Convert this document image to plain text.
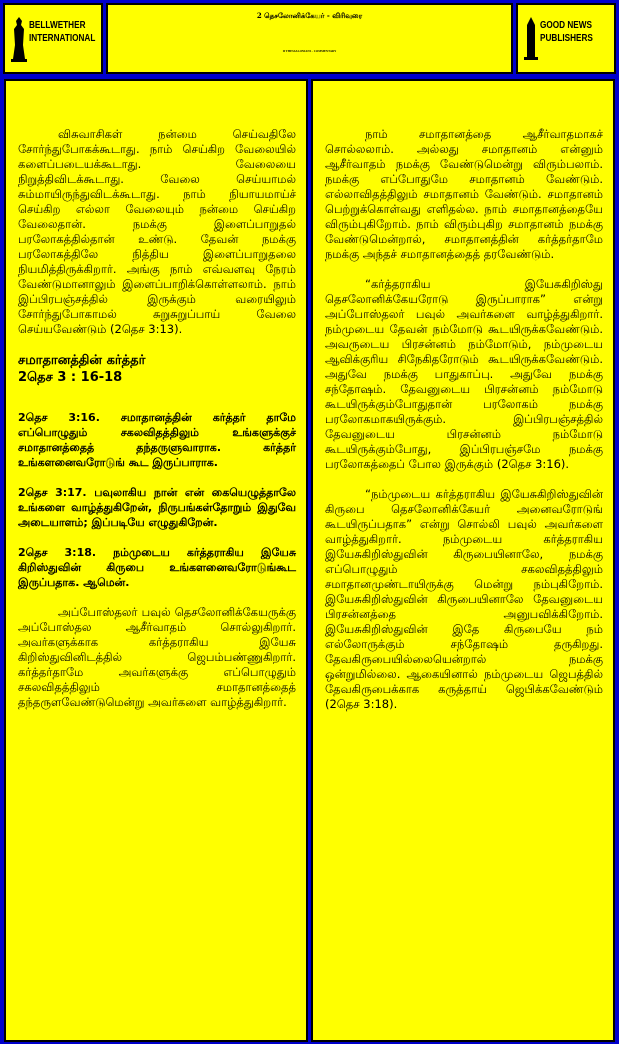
BELLWETHER
INTERNATIONAL
2 தெசலோனிக்கேயர் - விரிவுரை
II THESSALONIANS - COMMENTARY
GOOD NEWS
PUBLISHERS

விசுவாசிகள் நன்மை செய்வதிலே சோர்ந்துபோகக்கூடாது. நாம் செய்கிற வேலையில் களைப்படையக்கூடாது. வேலையை நிறுத்திவிடக்கூடாது. வேலை செய்யாமல் சும்மாயிருந்துவிடக்கூடாது. நாம் நியாயமாய்ச் செய்கிற எல்லா வேலையும் நன்மை செய்கிற வேலைதான். நமக்கு இளைப்பாறுதல் பரலோகத்தில்தான் உண்டு. தேவன் நமக்கு பரலோகத்திலே நித்திய இளைப்பாறுதலை நியமித்திருக்கிறார். அங்கு நாம் எவ்வளவு நேரம் வேண்டுமானாலும் இளைப்பாறிக்கொள்ளலாம். நாம் இப்பிரபஞ்சத்தில் இருக்கும் வரையிலும் சோர்ந்துபோகாமல் சுறுசுறுப்பாய் வேலை செய்யவேண்டும் (2தெச 3:13).

சமாதானத்தின் கர்த்தர்
2தெச 3 : 16-18

2தெச 3:16. சமாதானத்தின் கர்த்தர் தாமே எப்பொழுதும் சகலவிதத்திலும் உங்களுக்குச் சமாதானத்தைத் தந்தருளுவாராக. கர்த்தர் உங்களனைவரோடுங் கூட இருப்பாராக.

2தெச 3:17. பவுலாகிய நான் என் கையெழுத்தாலே உங்களை வாழ்த்துகிறேன், நிருபங்கள்தோறும் இதுவே அடையாளம்; இப்படியே எழுதுகிறேன்.

2தெச 3:18. நம்முடைய கர்த்தராகிய இயேசு கிறிஸ்துவின் கிருபை உங்களனைவரோடுங்கூட இருப்பதாக. ஆமென்.

அப்போஸ்தலர் பவுல் தெசலோனிக்கேயருக்கு அப்போஸ்தல ஆசீர்வாதம் சொல்லுகிறார். அவர்களுக்காக கர்த்தராகிய இயேசு கிறிஸ்துவினிடத்தில் ஜெபம்பண்ணுகிறார். கர்த்தர்தாமே அவர்களுக்கு எப்பொழுதும் சகலவிதத்திலும் சமாதானத்தைத் தந்தருளவேண்டுமென்று அவர்களை வாழ்த்துகிறார்.

நாம் சமாதானத்தை ஆசீர்வாதமாகச் சொல்லலாம். அல்லது சமாதானம் என்னும் ஆசீர்வாதம் நமக்கு வேண்டுமென்று விரும்பலாம். நமக்கு எப்போதுமே சமாதானம் வேண்டும். எல்லாவிதத்திலும் சமாதானம் வேண்டும். சமாதானம் பெற்றுக்கொள்வது எளிதல்ல. நாம் சமாதானத்தையே விரும்புகிறோம். நாம் விரும்புகிற சமாதானம் நமக்கு வேண்டுமென்றால், சமாதானத்தின் கர்த்தர்தாமே நமக்கு அந்தச் சமாதானத்தைத் தரவேண்டும்.

“கர்த்தராகிய இயேசுகிறிஸ்து தெசலோனிக்கேயரோடு இருப்பாராக” என்று அப்போஸ்தலர் பவுல் அவர்களை வாழ்த்துகிறார். நம்முடைய தேவன் நம்மோடு கூடயிருக்கவேண்டும். அவருடைய பிரசன்னம் நம்மோடும், நம்முடைய ஆவிக்குரிய சிநேகிதரோடும் கூடயிருக்கவேண்டும். அதுவே நமக்கு பாதுகாப்பு. அதுவே நமக்கு சந்தோஷம். தேவனுடைய பிரசன்னம் நம்மோடு கூடயிருக்கும்போதுதான் பரலோகம் நமக்கு பரலோகமாகயிருக்கும். இப்பிரபஞ்சத்தில் தேவனுடைய பிரசன்னம் நம்மோடு கூடயிருக்கும்போது, இப்பிரபஞ்சமே நமக்கு பரலோகத்தைப் போல இருக்கும் (2தெச 3:16).

“நம்முடைய கர்த்தராகிய இயேசுகிறிஸ்துவின் கிருபை தெசலோனிக்கேயர் அனைவரோடுங் கூடயிருப்பதாக” என்று சொல்லி பவுல் அவர்களை வாழ்த்துகிறார். நம்முடைய கர்த்தராகிய இயேசுகிறிஸ்துவின் கிருபையினாலே, நமக்கு எப்பொழுதும் சகலவிதத்திலும் சமாதானமுண்டாயிருக்கு மென்று நம்புகிறோம். இயேசுகிறிஸ்துவின் கிருபையினாலே தேவனுடைய பிரசன்னத்தை அனுபவிக்கிறோம். இயேசுகிறிஸ்துவின் இதே கிருபையே நம் எல்லோருக்கும் சந்தோஷம் தருகிறது. தேவகிருபையில்லையென்றால் நமக்கு ஒன்றுமில்லை. ஆகையினால் நம்முடைய ஜெபத்தில் தேவகிருபைக்காக கருத்தாய் ஜெபிக்கவேண்டும் (2தெச 3:18).
